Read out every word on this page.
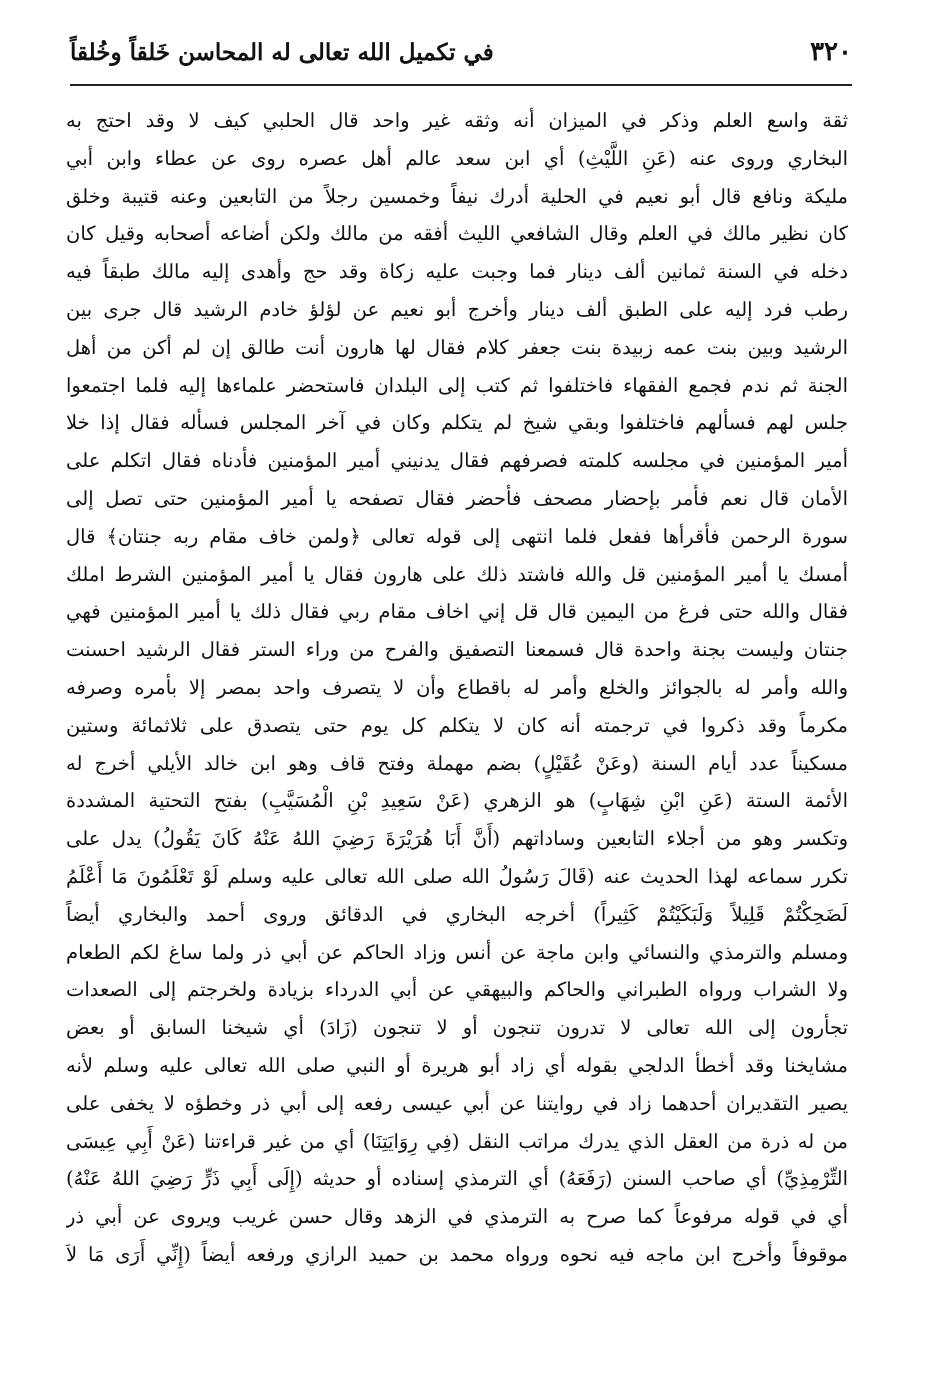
٣٢٠
في تكميل الله تعالى له المحاسن خَلقاً وخُلقاً
ثقة واسع العلم وذكر في الميزان أنه وثقه غير واحد قال الحلبي كيف لا وقد احتج به
البخاري وروى عنه (عَنِ اللَّيْثِ) أي ابن سعد عالم أهل عصره روى عن عطاء وابن أبي
مليكة ونافع قال أبو نعيم في الحلية أدرك نيفاً وخمسين رجلاً من التابعين وعنه قتيبة وخلق
كان نظير مالك في العلم وقال الشافعي الليث أفقه من مالك ولكن أضاعه أصحابه وقيل كان
دخله في السنة ثمانين ألف دينار فما وجبت عليه زكاة وقد حج وأهدى إليه مالك طبقاً فيه
رطب فرد إليه على الطبق ألف دينار وأخرج أبو نعيم عن لؤلؤ خادم الرشيد قال جرى بين
الرشيد وبين بنت عمه زبيدة بنت جعفر كلام فقال لها هارون أنت طالق إن لم أكن من أهل
الجنة ثم ندم فجمع الفقهاء فاختلفوا ثم كتب إلى البلدان فاستحضر علماءها إليه فلما اجتمعوا
جلس لهم فسألهم فاختلفوا وبقي شيخ لم يتكلم وكان في آخر المجلس فسأله فقال إذا خلا
أمير المؤمنين في مجلسه كلمته فصرفهم فقال يدنيني أمير المؤمنين فأدناه فقال اتكلم على
الأمان قال نعم فأمر بإحضار مصحف فأحضر فقال تصفحه يا أمير المؤمنين حتى تصل إلى
سورة الرحمن فأقرأها ففعل فلما انتهى إلى قوله تعالى ﴿ولمن خاف مقام ربه جنتان﴾ قال
أمسك يا أمير المؤمنين قل والله فاشتد ذلك على هارون فقال يا أمير المؤمنين الشرط املك
فقال والله حتى فرغ من اليمين قال قل إني اخاف مقام ربي فقال ذلك يا أمير المؤمنين فهي
جنتان وليست بجنة واحدة قال فسمعنا التصفيق والفرح من وراء الستر فقال الرشيد احسنت
والله وأمر له بالجوائز والخلع وأمر له باقطاع وأن لا يتصرف واحد بمصر إلا بأمره وصرفه
مكرماً وقد ذكروا في ترجمته أنه كان لا يتكلم كل يوم حتى يتصدق على ثلاثمائة وستين
مسكيناً عدد أيام السنة (وعَنْ عُقَيْلٍ) بضم مهملة وفتح قاف وهو ابن خالد الأيلي أخرج له
الأئمة الستة (عَنِ ابْنِ شِهَابٍ) هو الزهري (عَنْ سَعِيدِ بْنِ الْمُسَيَّبِ) بفتح التحتية المشددة
وتكسر وهو من أجلاء التابعين وساداتهم (أَنَّ أَبَا هُرَيْرَةَ رَضِيَ اللهُ عَنْهُ كَانَ يَقُولُ) يدل على
تكرر سماعه لهذا الحديث عنه (قَالَ رَسُولُ الله صلى الله تعالى عليه وسلم لَوْ تَعْلَمُونَ مَا أَعْلَمُ
لَضَحِكْتُمْ قَلِيلاً وَلَبَكَيْتُمْ كَثِيراً) أخرجه البخاري في الدقائق وروى أحمد والبخاري أيضاً
ومسلم والترمذي والنسائي وابن ماجة عن أنس وزاد الحاكم عن أبي ذر ولما ساغ لكم الطعام
ولا الشراب ورواه الطبراني والحاكم والبيهقي عن أبي الدرداء بزيادة ولخرجتم إلى الصعدات
تجأرون إلى الله تعالى لا تدرون تنجون أو لا تنجون (زَادَ) أي شيخنا السابق أو بعض
مشايخنا وقد أخطأ الدلجي بقوله أي زاد أبو هريرة أو النبي صلى الله تعالى عليه وسلم لأنه
يصير التقديران أحدهما زاد في روايتنا عن أبي عيسى رفعه إلى أبي ذر وخطؤه لا يخفى على
من له ذرة من العقل الذي يدرك مراتب النقل (فِي رِوَايَتِنَا) أي من غير قراءتنا (عَنْ أَبِي عِيسَى
التِّرْمِذِيِّ) أي صاحب السنن (رَفَعَهُ) أي الترمذي إسناده أو حديثه (إِلَى أَبِي ذَرٍّ رَضِيَ اللهُ عَنْهُ)
أي في قوله مرفوعاً كما صرح به الترمذي في الزهد وقال حسن غريب ويروى عن أبي ذر
موقوفاً وأخرج ابن ماجه فيه نحوه ورواه محمد بن حميد الرازي ورفعه أيضاً (إِنِّي أَرَى مَا لاَ
